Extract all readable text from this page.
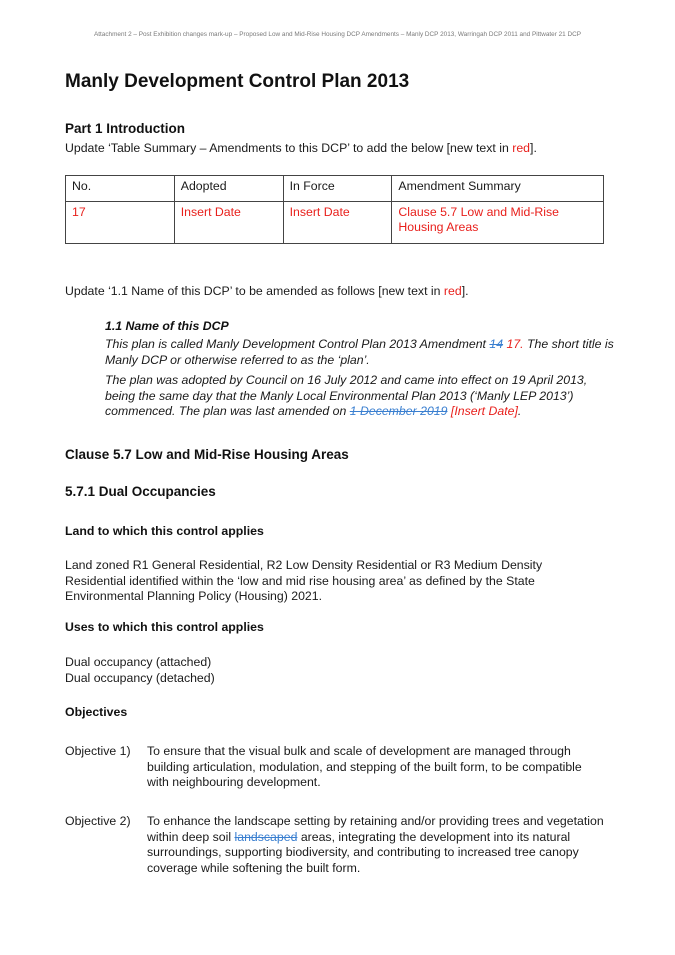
Attachment 2 – Post Exhibition changes mark-up – Proposed Low and Mid-Rise Housing DCP Amendments – Manly DCP 2013, Warringah DCP 2011 and Pittwater 21 DCP
Manly Development Control Plan 2013
Part 1 Introduction
Update ‘Table Summary – Amendments to this DCP’ to add the below [new text in red].
No.	Adopted	In Force	Amendment Summary
17	Insert Date	Insert Date	Clause 5.7 Low and Mid-Rise Housing Areas
Update ‘1.1 Name of this DCP’ to be amended as follows [new text in red].
1.1 Name of this DCP
This plan is called Manly Development Control Plan 2013 Amendment 14 17. The short title is Manly DCP or otherwise referred to as the ‘plan’.
The plan was adopted by Council on 16 July 2012 and came into effect on 19 April 2013, being the same day that the Manly Local Environmental Plan 2013 (‘Manly LEP 2013’) commenced. The plan was last amended on 1 December 2019 [Insert Date].
Clause 5.7 Low and Mid-Rise Housing Areas
5.7.1 Dual Occupancies
Land to which this control applies
Land zoned R1 General Residential, R2 Low Density Residential or R3 Medium Density Residential identified within the ‘low and mid rise housing area’ as defined by the State Environmental Planning Policy (Housing) 2021.
Uses to which this control applies
Dual occupancy (attached)
Dual occupancy (detached)
Objectives
Objective 1) To ensure that the visual bulk and scale of development are managed through building articulation, modulation, and stepping of the built form, to be compatible with neighbouring development.
Objective 2) To enhance the landscape setting by retaining and/or providing trees and vegetation within deep soil landscaped areas, integrating the development into its natural surroundings, supporting biodiversity, and contributing to increased tree canopy coverage while softening the built form.
